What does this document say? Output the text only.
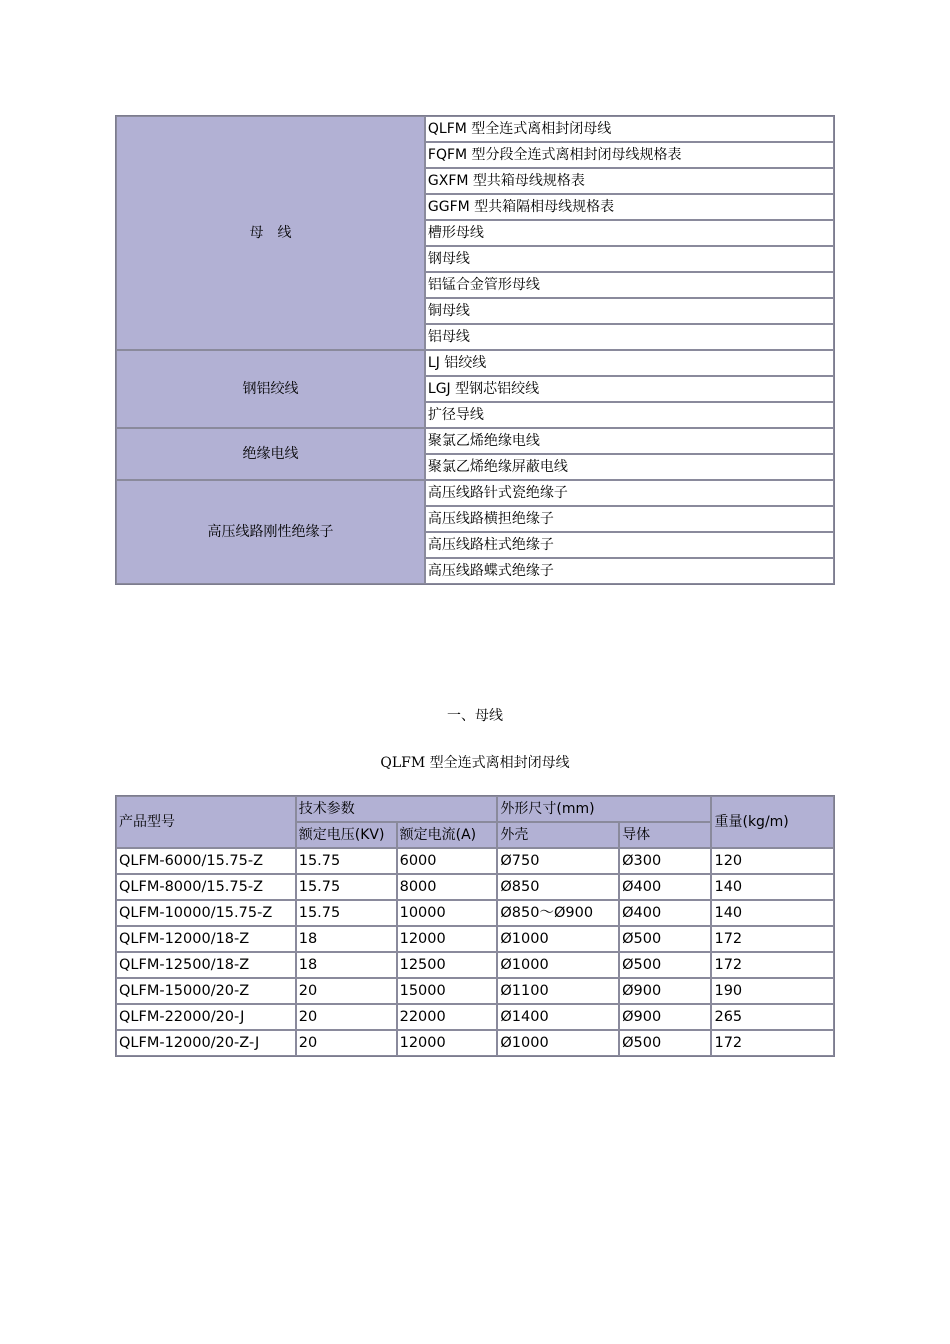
母　线	QLFM 型全连式离相封闭母线
	FQFM 型分段全连式离相封闭母线规格表
	GXFM 型共箱母线规格表
	GGFM 型共箱隔相母线规格表
	槽形母线
	钢母线
	铝锰合金管形母线
	铜母线
	铝母线
钢铝绞线	LJ 铝绞线
	LGJ 型钢芯铝绞线
	扩径导线
绝缘电线	聚氯乙烯绝缘电线
	聚氯乙烯绝缘屏蔽电线
高压线路刚性绝缘子	高压线路针式瓷绝缘子
	高压线路横担绝缘子
	高压线路柱式绝缘子
	高压线路蝶式绝缘子
一、母线
QLFM 型全连式离相封闭母线
产品型号	技术参数		外形尺寸(mm)		重量(kg/m)
	额定电压(KV)	额定电流(A)	外壳	导体	
QLFM-6000/15.75-Z	15.75	6000	Ø750	Ø300	120
QLFM-8000/15.75-Z	15.75	8000	Ø850	Ø400	140
QLFM-10000/15.75-Z	15.75	10000	Ø850～Ø900	Ø400	140
QLFM-12000/18-Z	18	12000	Ø1000	Ø500	172
QLFM-12500/18-Z	18	12500	Ø1000	Ø500	172
QLFM-15000/20-Z	20	15000	Ø1100	Ø900	190
QLFM-22000/20-J	20	22000	Ø1400	Ø900	265
QLFM-12000/20-Z-J	20	12000	Ø1000	Ø500	172
